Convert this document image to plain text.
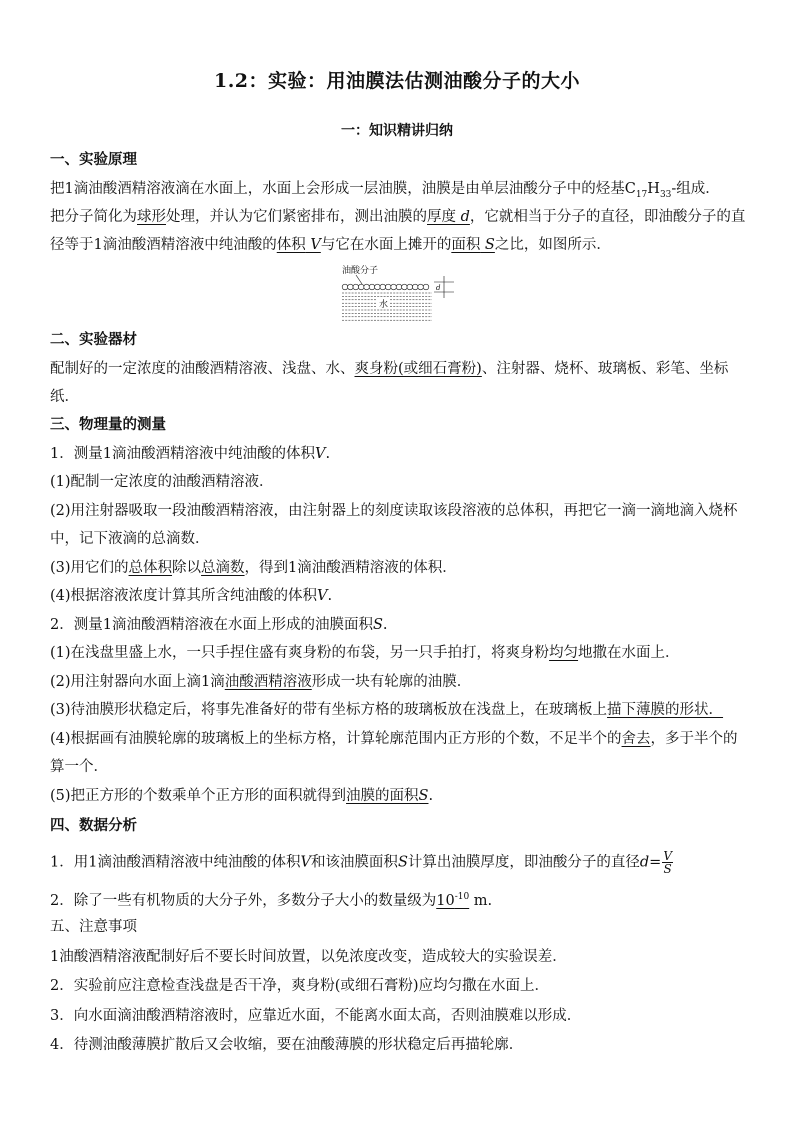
1.2：实验：用油膜法估测油酸分子的大小
一：知识精讲归纳
一、实验原理
把1滴油酸酒精溶液滴在水面上，水面上会形成一层油膜，油膜是由单层油酸分子中的烃基$C_{17}H_{33}-$组成．
把分子简化为球形处理，并认为它们紧密排布，测出油膜的厚度 d，它就相当于分子的直径，即油酸分子的直
径等于1滴油酸酒精溶液中纯油酸的体积 V与它在水面上摊开的面积 S之比，如图所示．
油酸分子
水
d
二、实验器材
配制好的一定浓度的油酸酒精溶液、浅盘、水、爽身粉(或细石膏粉)、注射器、烧杯、玻璃板、彩笔、坐标
纸．
三、物理量的测量
1．测量1滴油酸酒精溶液中纯油酸的体积V.
(1)配制一定浓度的油酸酒精溶液．
(2)用注射器吸取一段油酸酒精溶液，由注射器上的刻度读取该段溶液的总体积，再把它一滴一滴地滴入烧杯
中，记下液滴的总滴数．
(3)用它们的总体积除以总滴数，得到1滴油酸酒精溶液的体积．
(4)根据溶液浓度计算其所含纯油酸的体积V.
2．测量1滴油酸酒精溶液在水面上形成的油膜面积S.
(1)在浅盘里盛上水，一只手捏住盛有爽身粉的布袋，另一只手拍打，将爽身粉均匀地撒在水面上．
(2)用注射器向水面上滴1滴油酸酒精溶液形成一块有轮廓的油膜．
(3)待油膜形状稳定后，将事先准备好的带有坐标方格的玻璃板放在浅盘上，在玻璃板上描下薄膜的形状．
(4)根据画有油膜轮廓的玻璃板上的坐标方格，计算轮廓范围内正方形的个数，不足半个的舍去，多于半个的
算一个．
(5)把正方形的个数乘单个正方形的面积就得到油膜的面积S.
四、数据分析
1．用1滴油酸酒精溶液中纯油酸的体积V和该油膜面积S计算出油膜厚度，即油酸分子的直径$d= \frac{V}{S}$
2．除了一些有机物质的大分子外，多数分子大小的数量级为$10^{-10}$ m.
五、注意事项
1油酸酒精溶液配制好后不要长时间放置，以免浓度改变，造成较大的实验误差．
2．实验前应注意检查浅盘是否干净，爽身粉(或细石膏粉)应均匀撒在水面上．
3．向水面滴油酸酒精溶液时，应靠近水面，不能离水面太高，否则油膜难以形成．
4．待测油酸薄膜扩散后又会收缩，要在油酸薄膜的形状稳定后再描轮廓．
